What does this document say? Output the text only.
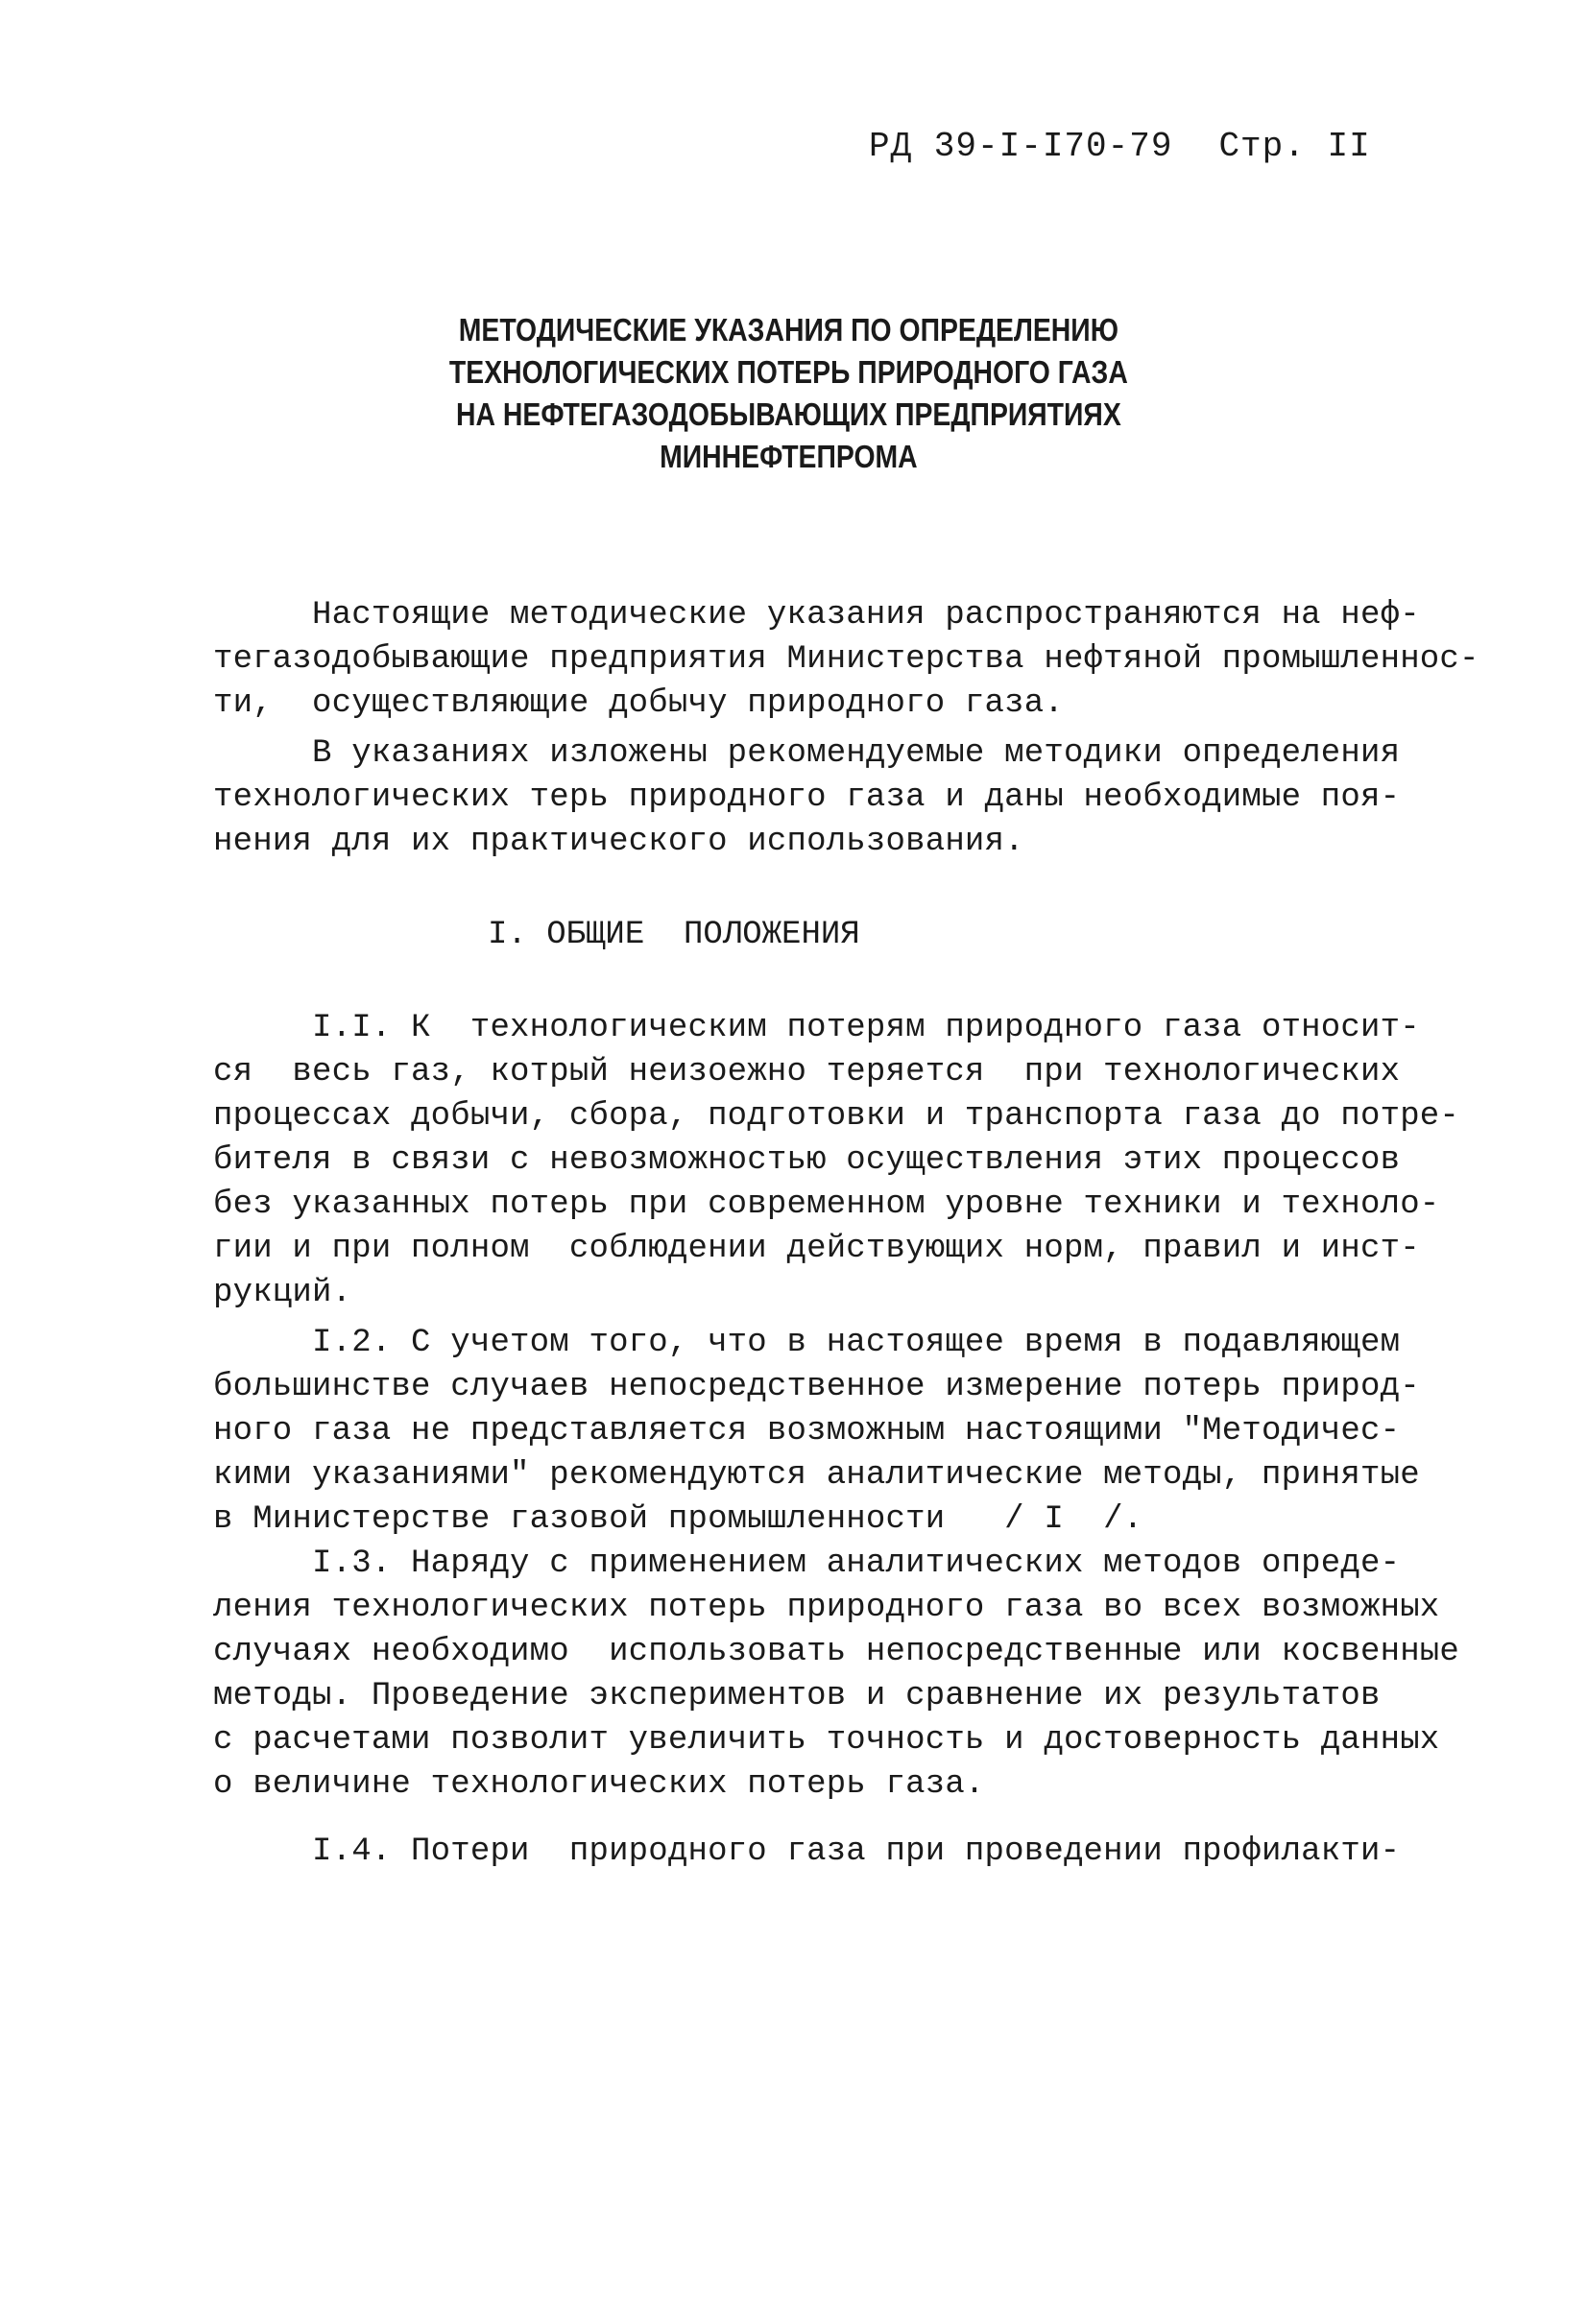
РД 39-I-I70-79 Стр. II
МЕТОДИЧЕСКИЕ УКАЗАНИЯ ПО ОПРЕДЕЛЕНИЮ
ТЕХНОЛОГИЧЕСКИХ ПОТЕРЬ ПРИРОДНОГО ГАЗА
НА НЕФТЕГАЗОДОБЫВАЮЩИХ ПРЕДПРИЯТИЯХ
МИННЕФТЕПРОМА
Настоящие методические указания распространяются на неф-
тегазодобывающие предприятия Министерства нефтяной промышленнос-
ти,  осуществляющие добычу природного газа.
В указаниях изложены рекомендуемые методики определения
технологических терь природного газа и даны необходимые поя-
нения для их практического использования.
I. ОБЩИЕ  ПОЛОЖЕНИЯ
I.I. К  технологическим потерям природного газа относит-
ся  весь газ, котрый неизоежно теряется  при технологических
процессах добычи, сбора, подготовки и транспорта газа до потре-
бителя в связи с невозможностью осуществления этих процессов
без указанных потерь при современном уровне техники и техноло-
гии и при полном  соблюдении действующих норм, правил и инст-
рукций.
I.2. С учетом того, что в настоящее время в подавляющем
большинстве случаев непосредственное измерение потерь природ-
ного газа не представляется возможным настоящими "Методичес-
кими указаниями" рекомендуются аналитические методы, принятые
в Министерстве газовой промышленности   / I  /.
I.3. Наряду с применением аналитических методов опреде-
ления технологических потерь природного газа во всех возможных
случаях необходимо  использовать непосредственные или косвенные
методы. Проведение экспериментов и сравнение их результатов
с расчетами позволит увеличить точность и достоверность данных
о величине технологических потерь газа.
I.4. Потери  природного газа при проведении профилакти-
